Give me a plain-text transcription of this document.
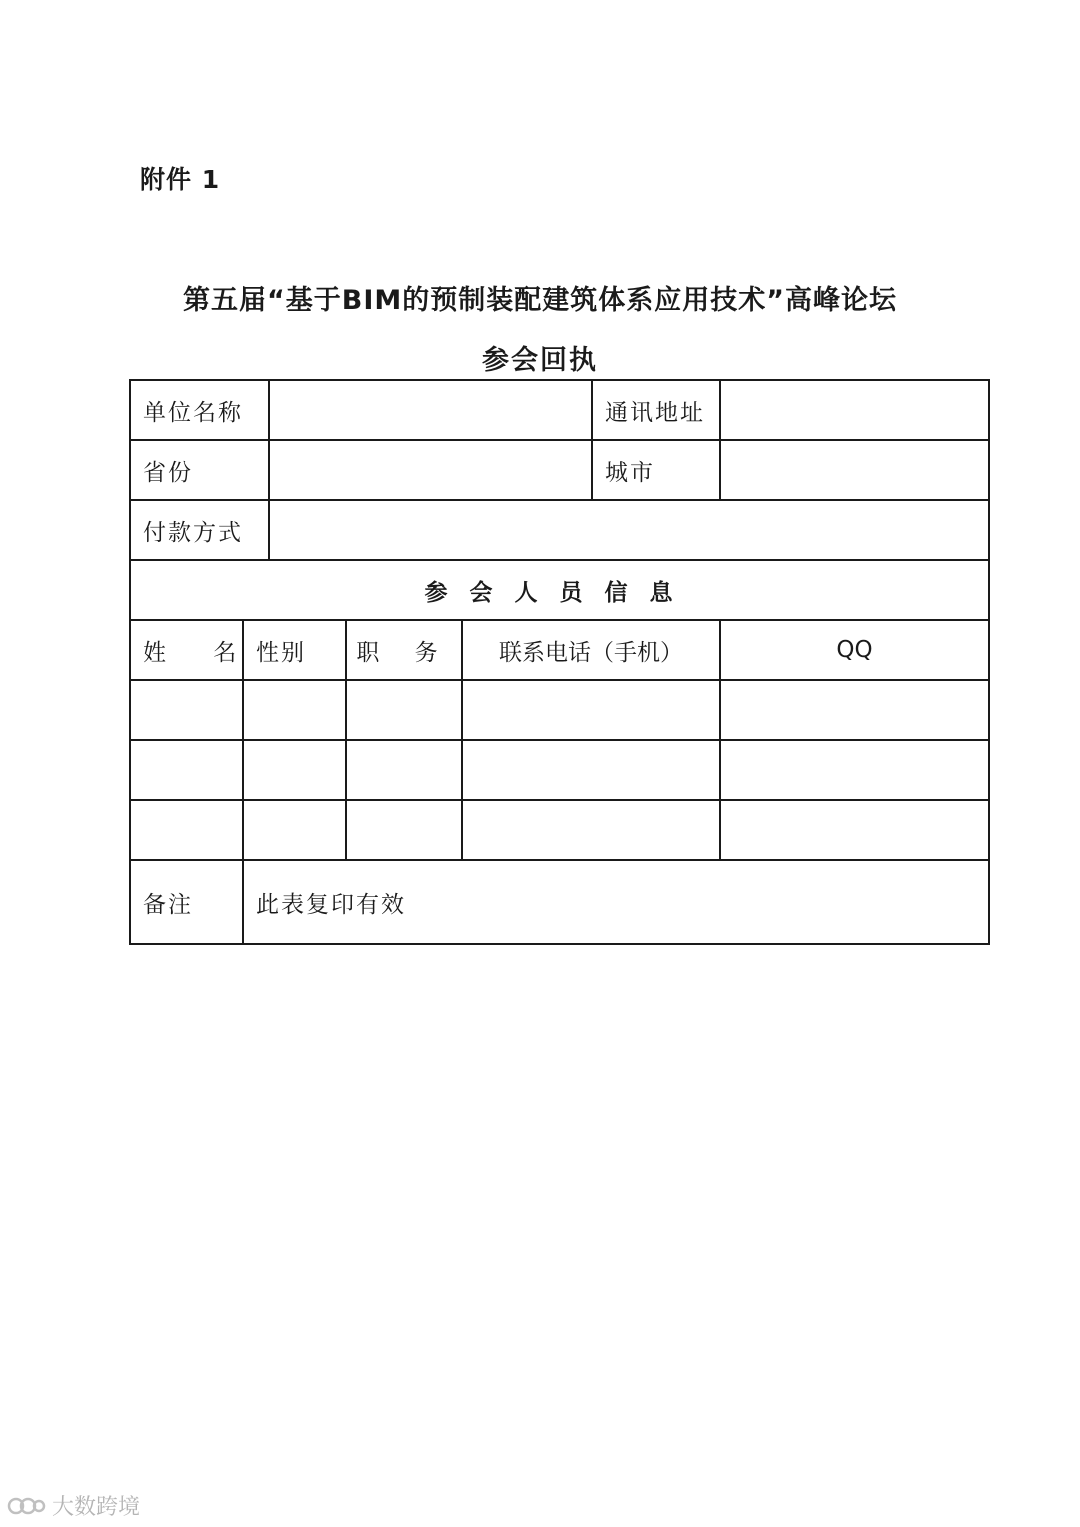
附件 1
第五届“基于BIM的预制装配建筑体系应用技术”高峰论坛
参会回执
单位名称					通讯地址	
省份					城市	
付款方式						
参会人员信息						
姓 名	性别		职 务	联系电话（手机）		QQ

备注	此表复印有效					
大数跨境
